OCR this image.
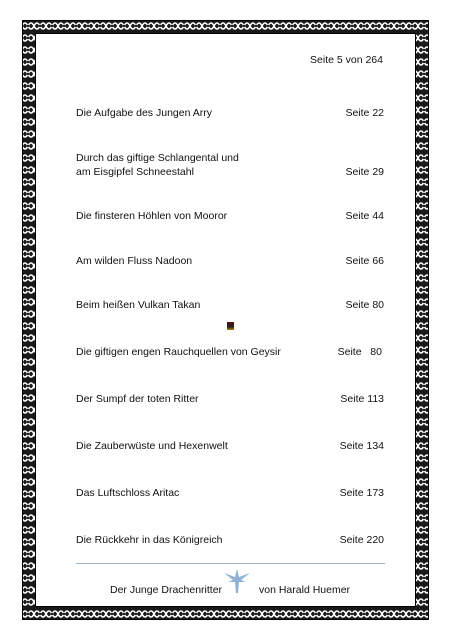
Seite 5 von 264
Die Aufgabe des Jungen Arry	Seite 22
Durch das giftige Schlangental und
am Eisgipfel Schneestahl	Seite 29
Die finsteren Höhlen von Mooror	Seite 44
Am wilden Fluss Nadoon	Seite 66
Beim heißen Vulkan Takan	Seite 80
Die giftigen engen Rauchquellen von Geysir	Seite   80
Der Sumpf der toten Ritter	Seite 113
Die Zauberwüste und Hexenwelt	Seite 134
Das Luftschloss Aritac	Seite 173
Die Rückkehr in das Königreich	Seite 220
Der Junge Drachenritter	von Harald Huemer
